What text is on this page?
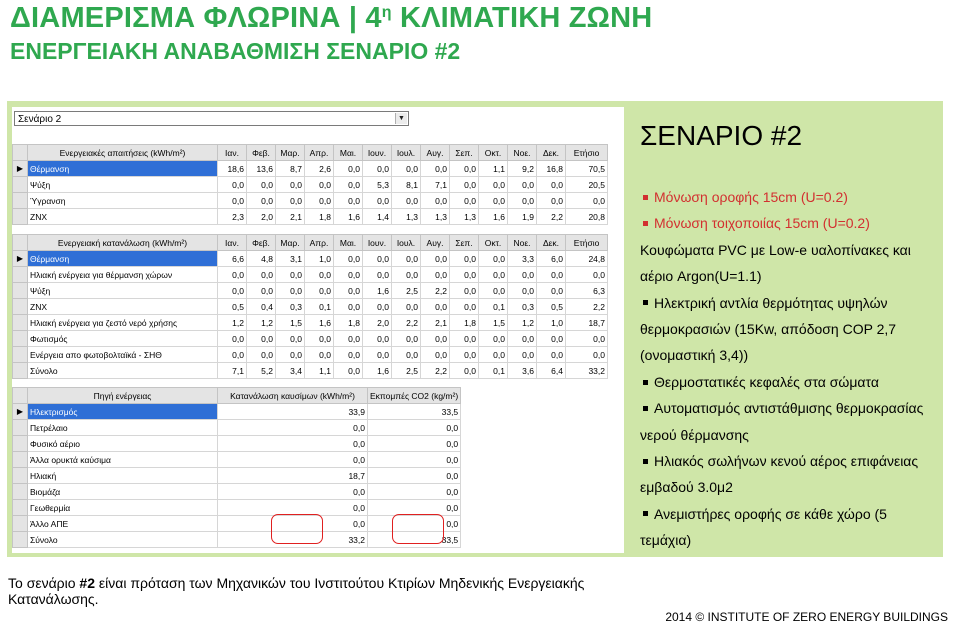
ΔΙΑΜΕΡΙΣΜΑ ΦΛΩΡΙΝΑ | $4^\eta$ ΚΛΙΜΑΤΙΚΗ ΖΩΝΗ
ΕΝΕΡΓΕΙΑΚΗ ΑΝΑΒΑΘΜΙΣΗ ΣΕΝΑΡΙΟ #2
Σενάριο 2	▼
	Ενεργειακές απαιτήσεις (kWh/m²)	Ιαν.	Φεβ.	Μαρ.	Απρ.	Μαι.	Ιουν.	Ιουλ.	Αυγ.	Σεπ.	Οκτ.	Νοε.	Δεκ.	Ετήσιο
▶	Θέρμανση	18,6	13,6	8,7	2,6	0,0	0,0	0,0	0,0	0,0	1,1	9,2	16,8	70,5
	Ψύξη	0,0	0,0	0,0	0,0	0,0	5,3	8,1	7,1	0,0	0,0	0,0	0,0	20,5
	Ύγρανση	0,0	0,0	0,0	0,0	0,0	0,0	0,0	0,0	0,0	0,0	0,0	0,0	0,0
	ΖΝΧ	2,3	2,0	2,1	1,8	1,6	1,4	1,3	1,3	1,3	1,6	1,9	2,2	20,8
	Ενεργειακή κατανάλωση (kWh/m²)	Ιαν.	Φεβ.	Μαρ.	Απρ.	Μαι.	Ιουν.	Ιουλ.	Αυγ.	Σεπ.	Οκτ.	Νοε.	Δεκ.	Ετήσιο
▶	Θέρμανση	6,6	4,8	3,1	1,0	0,0	0,0	0,0	0,0	0,0	0,0	3,3	6,0	24,8
	Ηλιακή ενέργεια για θέρμανση χώρων	0,0	0,0	0,0	0,0	0,0	0,0	0,0	0,0	0,0	0,0	0,0	0,0	0,0
	Ψύξη	0,0	0,0	0,0	0,0	0,0	1,6	2,5	2,2	0,0	0,0	0,0	0,0	6,3
	ΖΝΧ	0,5	0,4	0,3	0,1	0,0	0,0	0,0	0,0	0,0	0,1	0,3	0,5	2,2
	Ηλιακή ενέργεια για ζεστό νερό χρήσης	1,2	1,2	1,5	1,6	1,8	2,0	2,2	2,1	1,8	1,5	1,2	1,0	18,7
	Φωτισμός	0,0	0,0	0,0	0,0	0,0	0,0	0,0	0,0	0,0	0,0	0,0	0,0	0,0
	Ενέργεια απο φωτοβολταϊκά - ΣΗΘ	0,0	0,0	0,0	0,0	0,0	0,0	0,0	0,0	0,0	0,0	0,0	0,0	0,0
	Σύνολο	7,1	5,2	3,4	1,1	0,0	1,6	2,5	2,2	0,0	0,1	3,6	6,4	33,2
	Πηγή ενέργειας	Κατανάλωση καυσίμων (kWh/m²)	Εκπομπές CO2 (kg/m²)
▶	Ηλεκτρισμός	33,9	33,5
	Πετρέλαιο	0,0	0,0
	Φυσικό αέριο	0,0	0,0
	Άλλα ορυκτά καύσιμα	0,0	0,0
	Ηλιακή	18,7	0,0
	Βιομάζα	0,0	0,0
	Γεωθερμία	0,0	0,0
	Άλλο ΑΠΕ	0,0	0,0
	Σύνολο	33,2	33,5
ΣΕΝΑΡΙΟ #2
Μόνωση οροφής 15cm (U=0.2)
Μόνωση τοιχοποιίας 15cm (U=0.2)
Κουφώματα PVC με Low-e υαλοπίνακες και
αέριο Argon(U=1.1)
Ηλεκτρική αντλία θερμότητας υψηλών
θερμοκρασιών (15Kw, απόδοση COP 2,7
(ονομαστική 3,4))
Θερμοστατικές κεφαλές στα σώματα
Αυτοματισμός αντιστάθμισης θερμοκρασίας
νερού θέρμανσης
Ηλιακός σωλήνων κενού αέρος επιφάνειας
εμβαδού 3.0μ2
Ανεμιστήρες οροφής σε κάθε χώρο (5
τεμάχια)
Το σενάριο #2 είναι πρόταση των Μηχανικών του Ινστιτούτου Κτιρίων Μηδενικής Ενεργειακής
Κατανάλωσης.
2014 © INSTITUTE OF ZERO ENERGY BUILDINGS
